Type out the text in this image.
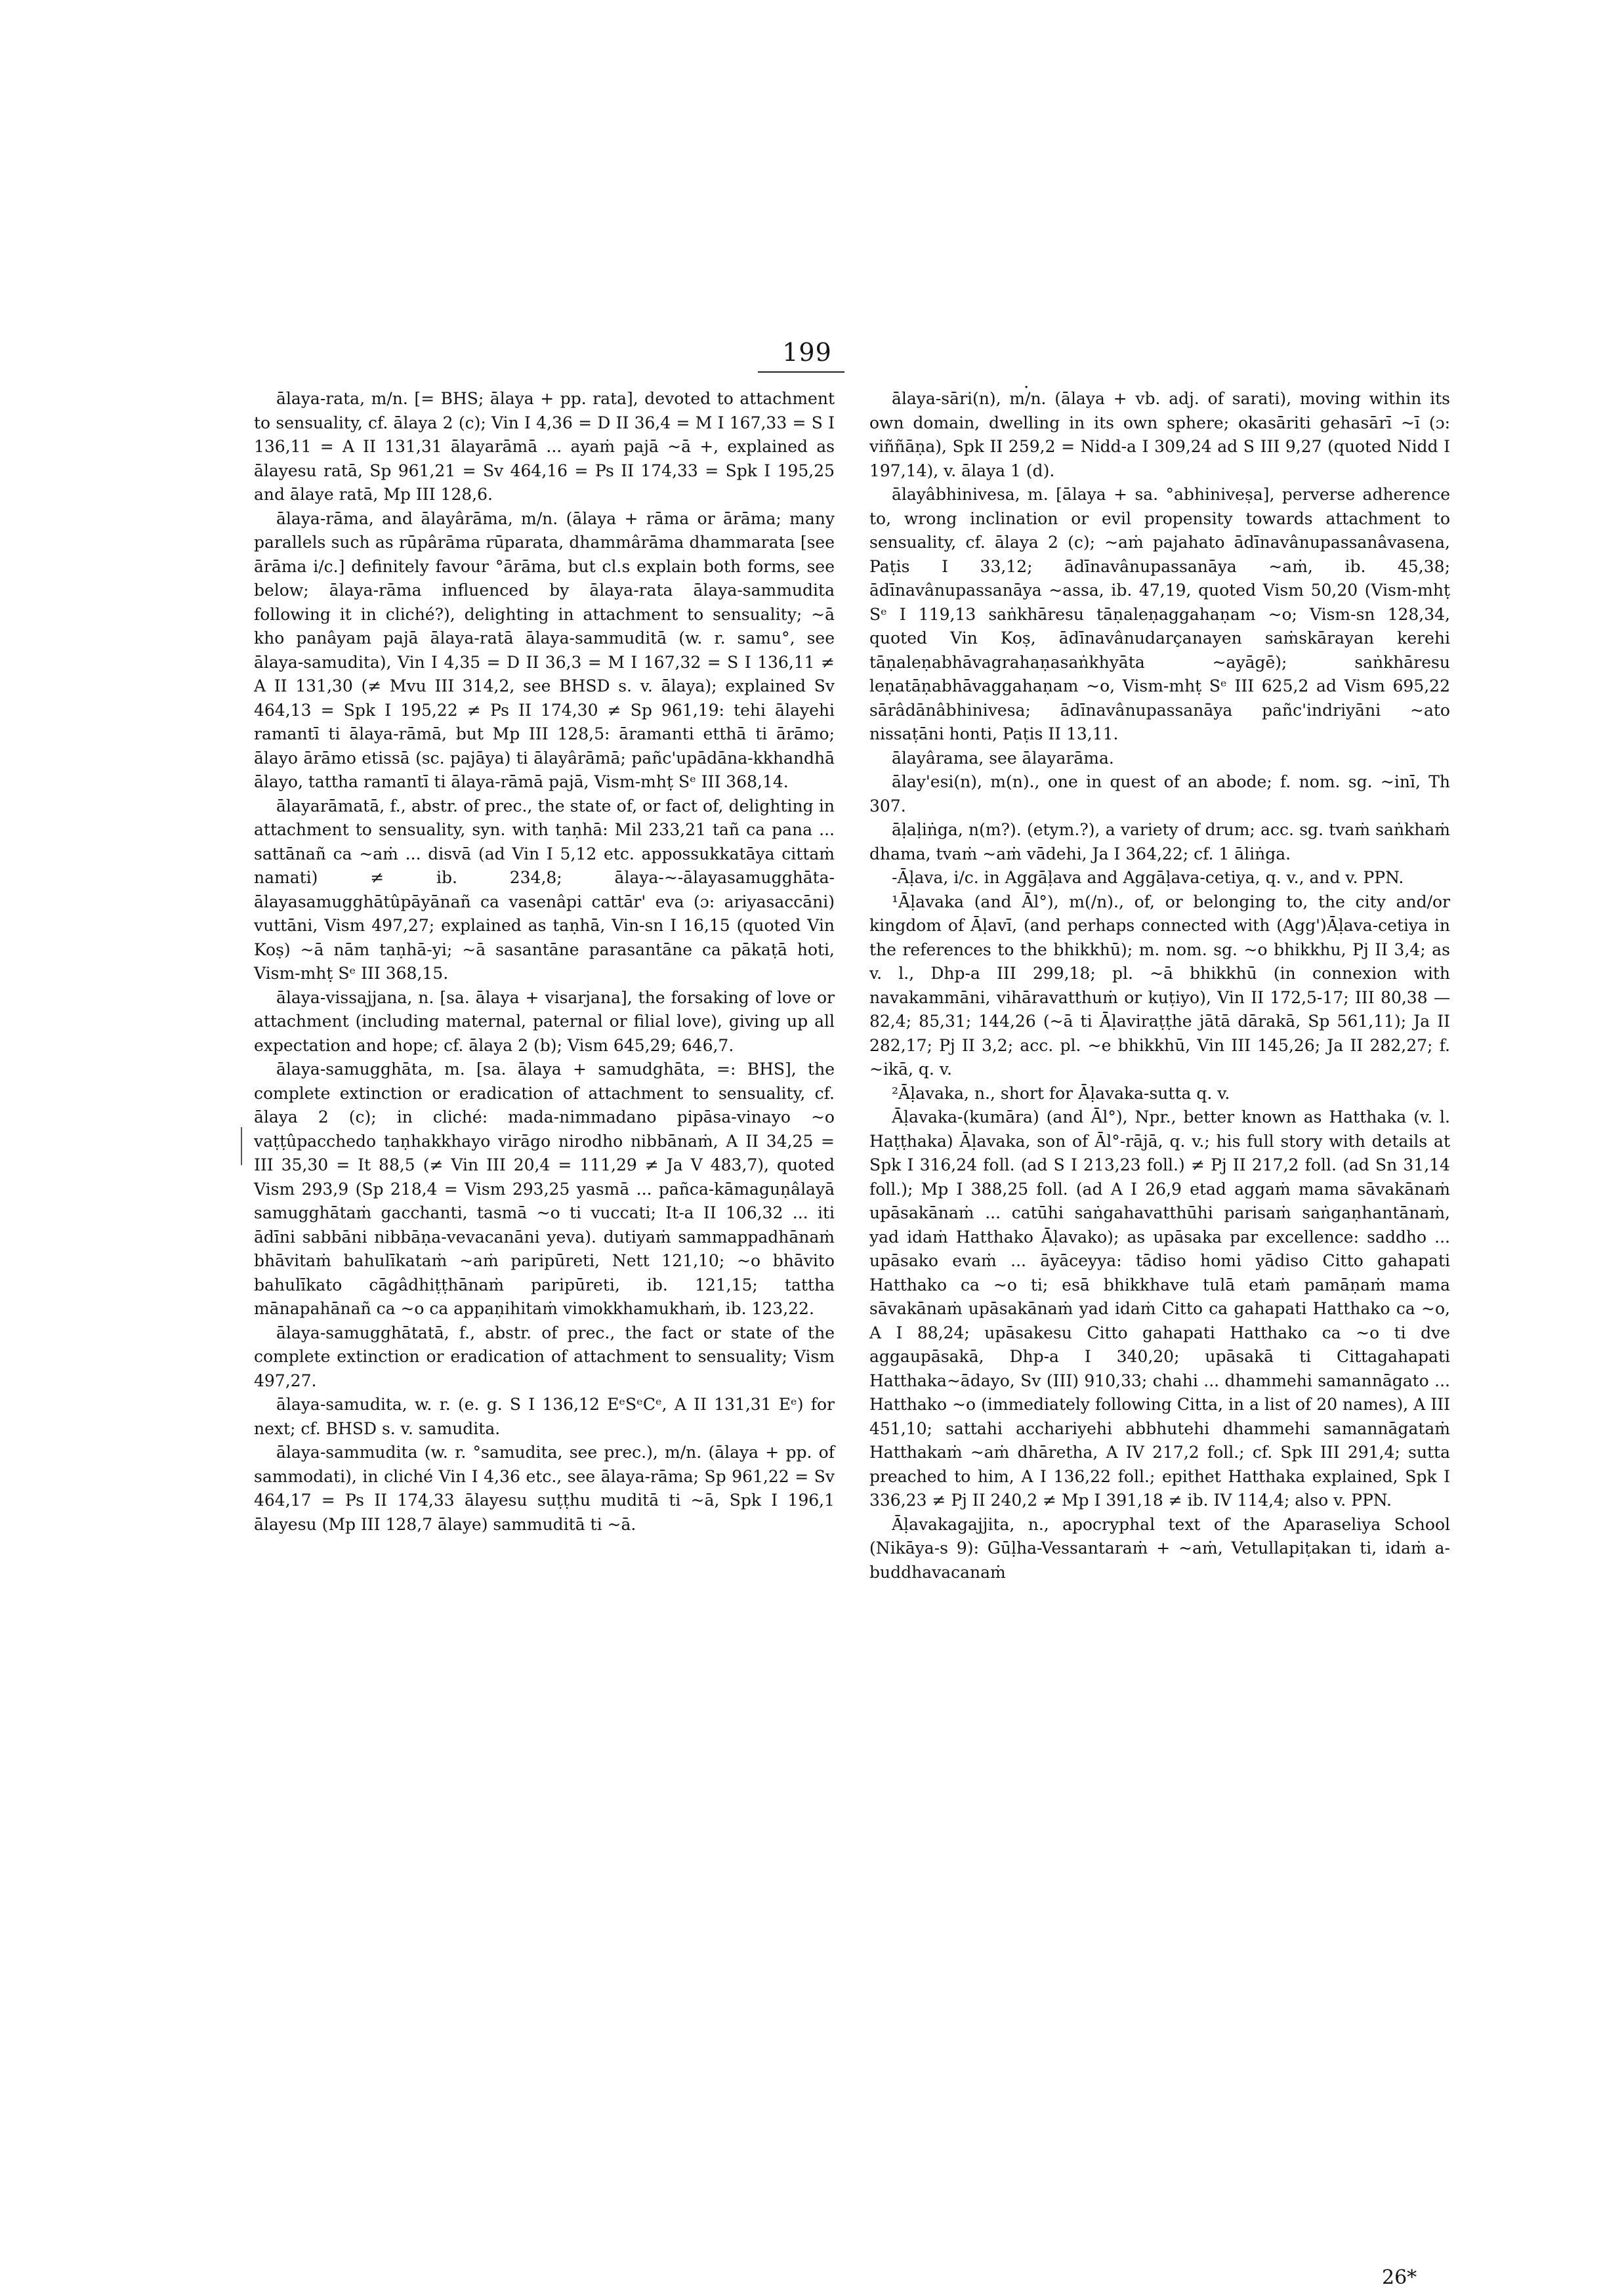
199
.

ālaya-rata, m/n. [= BHS; ālaya + pp. rata], devoted to attachment to sensuality, cf. ālaya 2 (c); Vin I 4,36 = D II 36,4 = M I 167,33 = S I 136,11 = A II 131,31 ālayarāmā ... ayaṁ pajā ~ā +, explained as ālayesu ratā, Sp 961,21 = Sv 464,16 = Ps II 174,33 = Spk I 195,25 and ālaye ratā, Mp III 128,6.

ālaya-rāma, and ālayârāma, m/n. (ālaya + rāma or ārāma; many parallels such as rūpârāma rūparata, dhammârāma dhammarata [see ārāma i/c.] definitely favour °ārāma, but cl.s explain both forms, see below; ālaya-rāma influenced by ālaya-rata ālaya-sammudita following it in cliché?), delighting in attachment to sensuality; ~ā kho panâyam pajā ālaya-ratā ālaya-sammuditā (w. r. samu°, see ālaya-samudita), Vin I 4,35 = D II 36,3 = M I 167,32 = S I 136,11 ≠ A II 131,30 (≠ Mvu III 314,2, see BHSD s. v. ālaya); explained Sv 464,13 = Spk I 195,22 ≠ Ps II 174,30 ≠ Sp 961,19: tehi ālayehi ramantī ti ālaya-rāmā, but Mp III 128,5: āramanti etthā ti ārāmo; ālayo ārāmo etissā (sc. pajāya) ti ālayârāmā; pañc'upādāna-kkhandhā ālayo, tattha ramantī ti ālaya-rāmā pajā, Vism-mhṭ Sᵉ III 368,14.

ālayarāmatā, f., abstr. of prec., the state of, or fact of, delighting in attachment to sensuality, syn. with taṇhā: Mil 233,21 tañ ca pana ... sattānañ ca ~aṁ ... disvā (ad Vin I 5,12 etc. appossukkatāya cittaṁ namati) ≠ ib. 234,8; ālaya-~-ālayasamugghāta-ālayasamugghātûpāyānañ ca vasenâpi cattār' eva (ɔ: ariyasaccāni) vuttāni, Vism 497,27; explained as taṇhā, Vin-sn I 16,15 (quoted Vin Koṣ) ~ā nām taṇhā-yi; ~ā sasantāne parasantāne ca pākaṭā hoti, Vism-mhṭ Sᵉ III 368,15.

ālaya-vissajjana, n. [sa. ālaya + visarjana], the forsaking of love or attachment (including maternal, paternal or filial love), giving up all expectation and hope; cf. ālaya 2 (b); Vism 645,29; 646,7.

ālaya-samugghāta, m. [sa. ālaya + samudghāta, =: BHS], the complete extinction or eradication of attachment to sensuality, cf. ālaya 2 (c); in cliché: mada-nimmadano pipāsa-vinayo ~o vaṭṭûpacchedo taṇhakkhayo virāgo nirodho nibbānaṁ, A II 34,25 = III 35,30 = It 88,5 (≠ Vin III 20,4 = 111,29 ≠ Ja V 483,7), quoted Vism 293,9 (Sp 218,4 = Vism 293,25 yasmā ... pañca-kāmaguṇâlayā samugghātaṁ gacchanti, tasmā ~o ti vuccati; It-a II 106,32 ... iti ādīni sabbāni nibbāṇa-vevacanāni yeva). dutiyaṁ sammappadhānaṁ bhāvitaṁ bahulīkataṁ ~aṁ paripūreti, Nett 121,10; ~o bhāvito bahulīkato cāgâdhiṭṭhānaṁ paripūreti, ib. 121,15; tattha mānapahānañ ca ~o ca appaṇihitaṁ vimokkhamukhaṁ, ib. 123,22.

ālaya-samugghātatā, f., abstr. of prec., the fact or state of the complete extinction or eradication of attachment to sensuality; Vism 497,27.

ālaya-samudita, w. r. (e. g. S I 136,12 EᵉSᵉCᵉ, A II 131,31 Eᵉ) for next; cf. BHSD s. v. samudita.

ālaya-sammudita (w. r. °samudita, see prec.), m/n. (ālaya + pp. of sammodati), in cliché Vin I 4,36 etc., see ālaya-rāma; Sp 961,22 = Sv 464,17 = Ps II 174,33 ālayesu suṭṭhu muditā ti ~ā, Spk I 196,1 ālayesu (Mp III 128,7 ālaye) sammuditā ti ~ā.

ālaya-sāri(n), m/n. (ālaya + vb. adj. of sarati), moving within its own domain, dwelling in its own sphere; okasāriti gehasārī ~ī (ɔ: viññāṇa), Spk II 259,2 = Nidd-a I 309,24 ad S III 9,27 (quoted Nidd I 197,14), v. ālaya 1 (d).

ālayâbhinivesa, m. [ālaya + sa. °abhiniveṣa], perverse adherence to, wrong inclination or evil propensity towards attachment to sensuality, cf. ālaya 2 (c); ~aṁ pajahato ādīnavânupassanâvasena, Paṭis I 33,12; ādīnavânupassanāya ~aṁ, ib. 45,38; ādīnavânupassanāya ~assa, ib. 47,19, quoted Vism 50,20 (Vism-mhṭ Sᵉ I 119,13 saṅkhāresu tāṇaleṇaggahaṇam ~o; Vism-sn 128,34, quoted Vin Koṣ, ādīnavânudarçanayen saṁskārayan kerehi tāṇaleṇabhāvagrahaṇasaṅkhyāta ~ayāgē); saṅkhāresu leṇatāṇabhāvaggahaṇam ~o, Vism-mhṭ Sᵉ III 625,2 ad Vism 695,22 sārâdānâbhinivesa; ādīnavânupassanāya pañc'indriyāni ~ato nissaṭāni honti, Paṭis II 13,11.

ālayârama, see ālayarāma.

ālay'esi(n), m(n)., one in quest of an abode; f. nom. sg. ~inī, Th 307.

āḷaḷiṅga, n(m?). (etym.?), a variety of drum; acc. sg. tvaṁ saṅkhaṁ dhama, tvaṁ ~aṁ vādehi, Ja I 364,22; cf. 1 āliṅga.

-Āḷava, i/c. in Aggāḷava and Aggāḷava-cetiya, q. v., and v. PPN.

¹Āḷavaka (and Āl°), m(/n)., of, or belonging to, the city and/or kingdom of Āḷavī, (and perhaps connected with (Agg')Āḷava-cetiya in the references to the bhikkhū); m. nom. sg. ~o bhikkhu, Pj II 3,4; as v. l., Dhp-a III 299,18; pl. ~ā bhikkhū (in connexion with navakammāni, vihāravatthuṁ or kuṭiyo), Vin II 172,5-17; III 80,38 — 82,4; 85,31; 144,26 (~ā ti Āḷaviraṭṭhe jātā dārakā, Sp 561,11); Ja II 282,17; Pj II 3,2; acc. pl. ~e bhikkhū, Vin III 145,26; Ja II 282,27; f. ~ikā, q. v.

²Āḷavaka, n., short for Āḷavaka-sutta q. v.

Āḷavaka-(kumāra) (and Āl°), Npr., better known as Hatthaka (v. l. Haṭṭhaka) Āḷavaka, son of Āl°-rājā, q. v.; his full story with details at Spk I 316,24 foll. (ad S I 213,23 foll.) ≠ Pj II 217,2 foll. (ad Sn 31,14 foll.); Mp I 388,25 foll. (ad A I 26,9 etad aggaṁ mama sāvakānaṁ upāsakānaṁ ... catūhi saṅgahavatthūhi parisaṁ saṅgaṇhantānaṁ, yad idaṁ Hatthako Āḷavako); as upāsaka par excellence: saddho ... upāsako evaṁ ... āyāceyya: tādiso homi yādiso Citto gahapati Hatthako ca ~o ti; esā bhikkhave tulā etaṁ pamāṇaṁ mama sāvakānaṁ upāsakānaṁ yad idaṁ Citto ca gahapati Hatthako ca ~o, A I 88,24; upāsakesu Citto gahapati Hatthako ca ~o ti dve aggaupāsakā, Dhp-a I 340,20; upāsakā ti Cittagahapati Hatthaka~ādayo, Sv (III) 910,33; chahi ... dhammehi samannāgato ... Hatthako ~o (immediately following Citta, in a list of 20 names), A III 451,10; sattahi acchariyehi abbhutehi dhammehi samannāgataṁ Hatthakaṁ ~aṁ dhāretha, A IV 217,2 foll.; cf. Spk III 291,4; sutta preached to him, A I 136,22 foll.; epithet Hatthaka explained, Spk I 336,23 ≠ Pj II 240,2 ≠ Mp I 391,18 ≠ ib. IV 114,4; also v. PPN.

Āḷavakagajjita, n., apocryphal text of the Aparaseliya School (Nikāya-s 9): Gūḷha-Vessantaraṁ + ~aṁ, Vetullapiṭakan ti, idaṁ a-buddhavacanaṁ

26*
